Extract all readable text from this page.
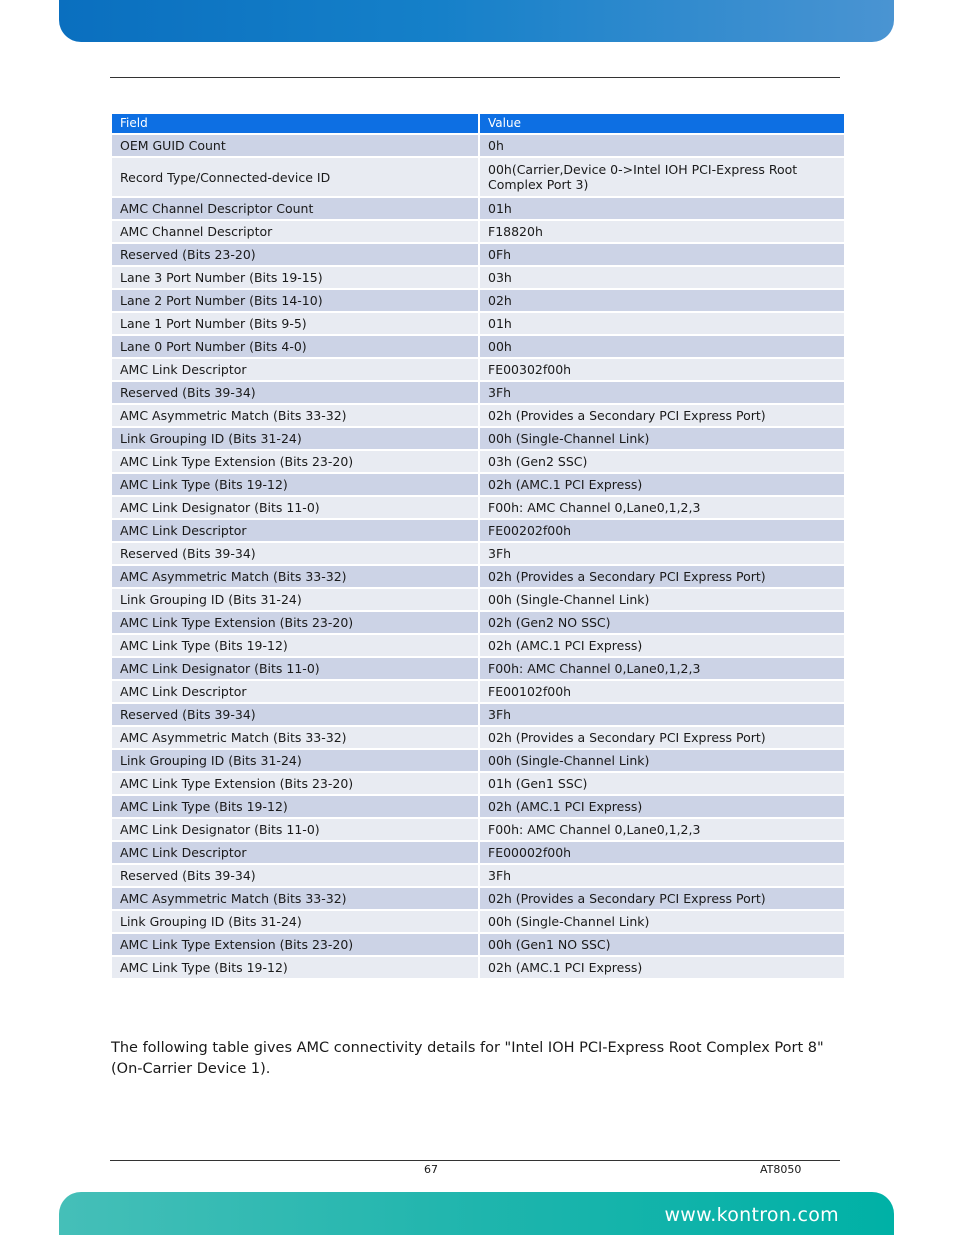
Field	Value
OEM GUID Count	0h
Record Type/Connected-device ID	00h(Carrier,Device 0->Intel IOH PCI-Express Root Complex Port 3)
AMC Channel Descriptor Count	01h
AMC Channel Descriptor	F18820h
Reserved (Bits 23-20)	0Fh
Lane 3 Port Number (Bits 19-15)	03h
Lane 2 Port Number (Bits 14-10)	02h
Lane 1 Port Number (Bits 9-5)	01h
Lane 0 Port Number (Bits 4-0)	00h
AMC Link Descriptor	FE00302f00h
Reserved (Bits 39-34)	3Fh
AMC Asymmetric Match (Bits 33-32)	02h (Provides a Secondary PCI Express Port)
Link Grouping ID (Bits 31-24)	00h (Single-Channel Link)
AMC Link Type Extension (Bits 23-20)	03h (Gen2 SSC)
AMC Link Type (Bits 19-12)	02h (AMC.1 PCI Express)
AMC Link Designator (Bits 11-0)	F00h: AMC Channel 0,Lane0,1,2,3
AMC Link Descriptor	FE00202f00h
Reserved (Bits 39-34)	3Fh
AMC Asymmetric Match (Bits 33-32)	02h (Provides a Secondary PCI Express Port)
Link Grouping ID (Bits 31-24)	00h (Single-Channel Link)
AMC Link Type Extension (Bits 23-20)	02h (Gen2 NO SSC)
AMC Link Type (Bits 19-12)	02h (AMC.1 PCI Express)
AMC Link Designator (Bits 11-0)	F00h: AMC Channel 0,Lane0,1,2,3
AMC Link Descriptor	FE00102f00h
Reserved (Bits 39-34)	3Fh
AMC Asymmetric Match (Bits 33-32)	02h (Provides a Secondary PCI Express Port)
Link Grouping ID (Bits 31-24)	00h (Single-Channel Link)
AMC Link Type Extension (Bits 23-20)	01h (Gen1 SSC)
AMC Link Type (Bits 19-12)	02h (AMC.1 PCI Express)
AMC Link Designator (Bits 11-0)	F00h: AMC Channel 0,Lane0,1,2,3
AMC Link Descriptor	FE00002f00h
Reserved (Bits 39-34)	3Fh
AMC Asymmetric Match (Bits 33-32)	02h (Provides a Secondary PCI Express Port)
Link Grouping ID (Bits 31-24)	00h (Single-Channel Link)
AMC Link Type Extension (Bits 23-20)	00h (Gen1 NO SSC)
AMC Link Type (Bits 19-12)	02h (AMC.1 PCI Express)
The following table gives AMC connectivity details for "Intel IOH PCI-Express Root Complex Port 8" (On-Carrier Device 1).
67	AT8050
www.kontron.com
